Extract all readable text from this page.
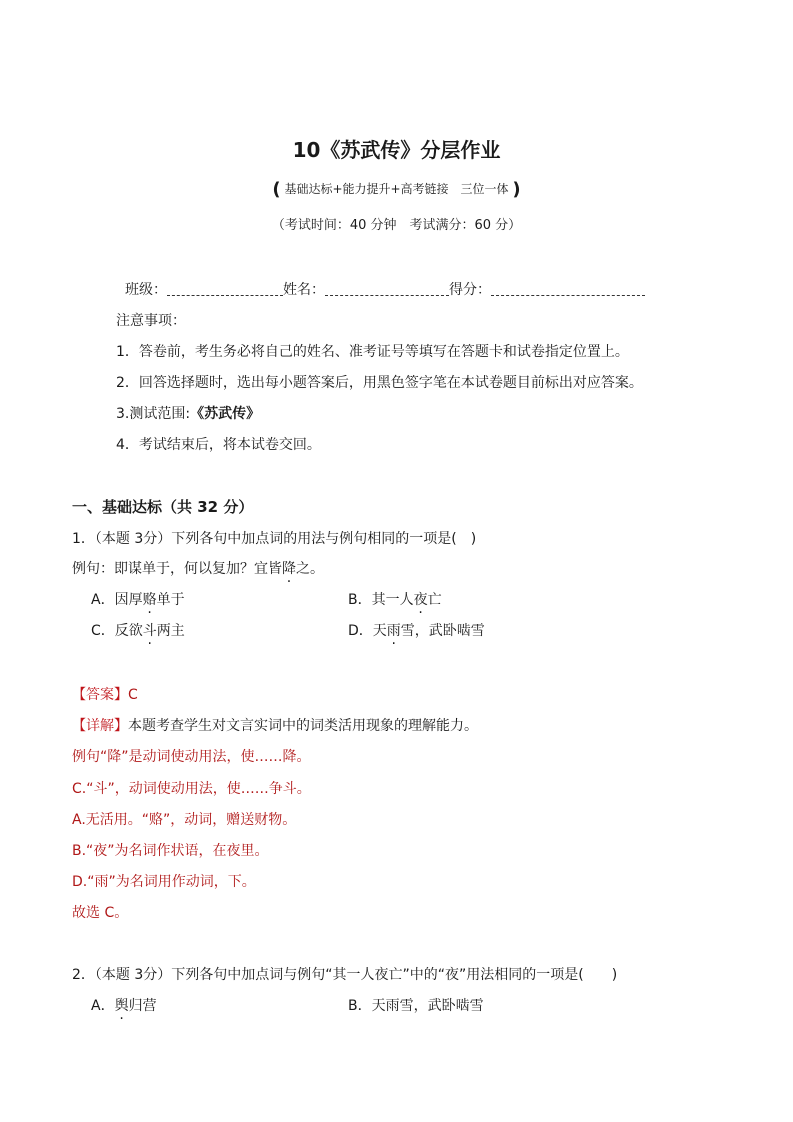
10《苏武传》分层作业
( 基础达标+能力提升+高考链接　三位一体 )
（考试时间：40 分钟　考试满分：60 分）
班级：	姓名：	得分：
注意事项：
1．答卷前，考生务必将自己的姓名、准考证号等填写在答题卡和试卷指定位置上。
2．回答选择题时，选出每小题答案后，用黑色签字笔在本试卷题目前标出对应答案。
3.测试范围:《苏武传》
4．考试结束后，将本试卷交回。
一、基础达标（共 32 分）
1．（本题 3分）下列各句中加点词的用法与例句相同的一项是(　)
例句：即谋单于，何以复加？宜皆降之。
A．因厚赂单于	B．其一人夜亡
C．反欲斗两主	D．天雨雪，武卧啮雪
【答案】C
【详解】本题考查学生对文言实词中的词类活用现象的理解能力。
例句“降”是动词使动用法，使……降。
C.“斗”，动词使动用法，使……争斗。
A.无活用。“赂”，动词，赠送财物。
B.“夜”为名词作状语，在夜里。
D.“雨”为名词用作动词，下。
故选 C。
2．（本题 3分）下列各句中加点词与例句“其一人夜亡”中的“夜”用法相同的一项是(　　)
A．舆归营	B．天雨雪，武卧啮雪
